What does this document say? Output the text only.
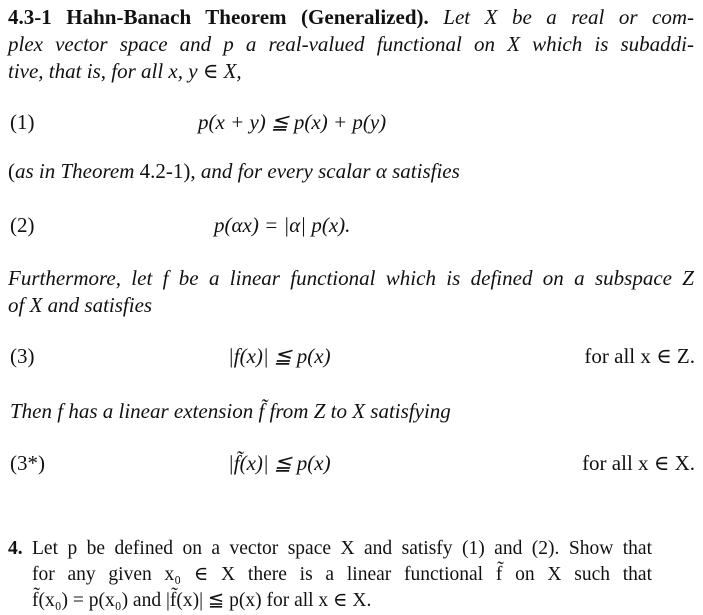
4.3-1 Hahn-Banach Theorem (Generalized). Let X be a real or com-
plex vector space and p a real-valued functional on X which is subaddi-
tive, that is, for all x, y ∈ X,
(1)	p(x + y) ≦ p(x) + p(y)
(as in Theorem 4.2-1), and for every scalar α satisfies
(2)	p(αx) = |α| p(x).
Furthermore, let f be a linear functional which is defined on a subspace Z
of X and satisfies
(3)	|f(x)| ≦ p(x)	for all x ∈ Z.
Then f has a linear extension f̃ from Z to X satisfying
(3*)	|f̃(x)| ≦ p(x)	for all x ∈ X.
4. Let p be defined on a vector space X and satisfy (1) and (2). Show that
for any given x₀ ∈ X there is a linear functional f̃ on X such that
f̃(x₀) = p(x₀) and |f̃(x)| ≦ p(x) for all x ∈ X.
